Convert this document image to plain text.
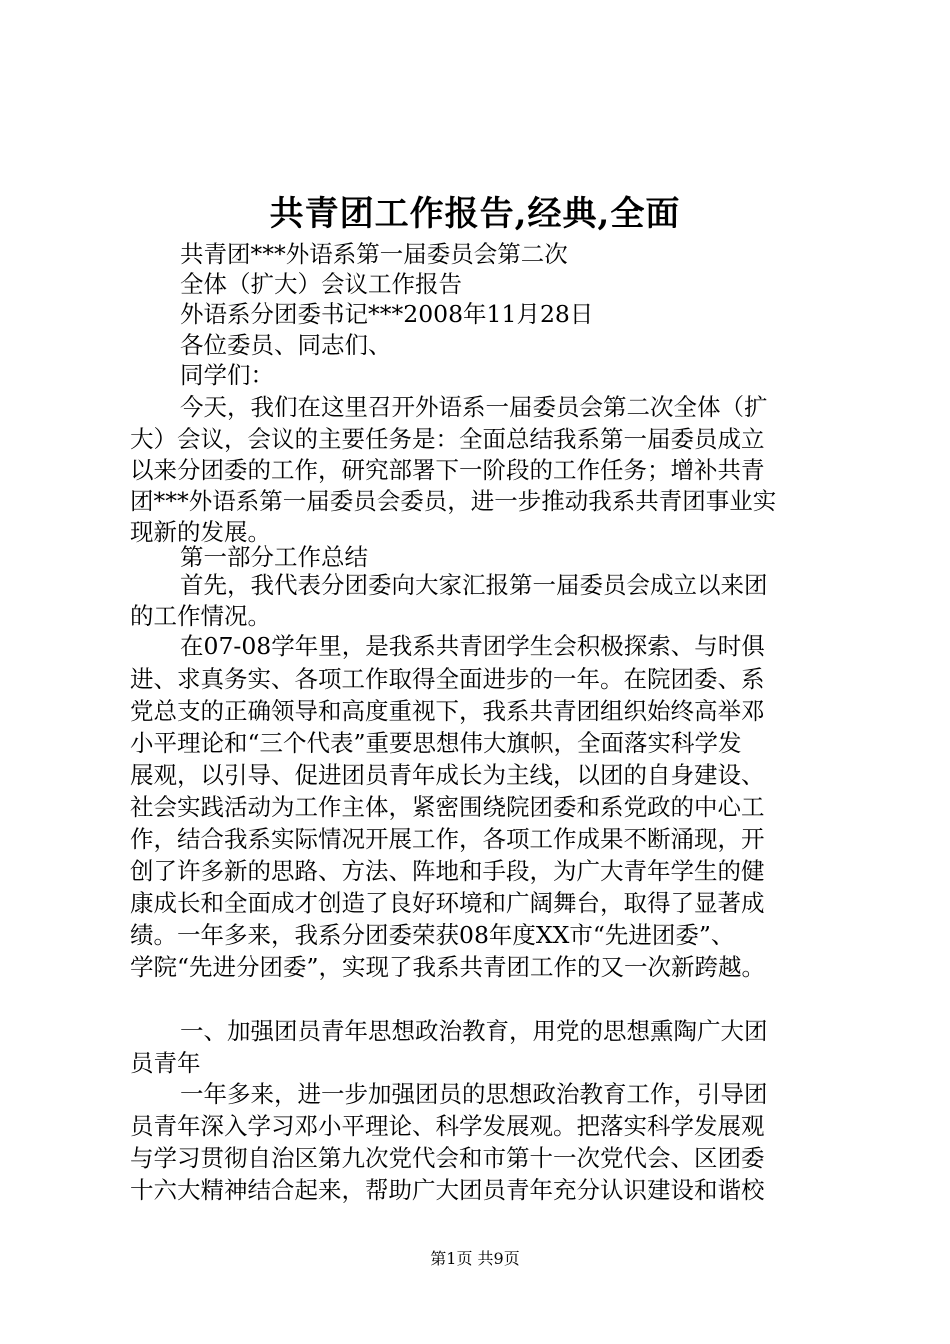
共青团工作报告,经典,全面
共青团***外语系第一届委员会第二次
全体（扩大）会议工作报告
外语系分团委书记***2008年11月28日
各位委员、同志们、
同学们：
今天，我们在这里召开外语系一届委员会第二次全体（扩
大）会议，会议的主要任务是：全面总结我系第一届委员成立
以来分团委的工作，研究部署下一阶段的工作任务；增补共青
团***外语系第一届委员会委员，进一步推动我系共青团事业实
现新的发展。
第一部分工作总结
首先，我代表分团委向大家汇报第一届委员会成立以来团
的工作情况。
在07-08学年里，是我系共青团学生会积极探索、与时俱
进、求真务实、各项工作取得全面进步的一年。在院团委、系
党总支的正确领导和高度重视下，我系共青团组织始终高举邓
小平理论和“三个代表”重要思想伟大旗帜，全面落实科学发
展观，以引导、促进团员青年成长为主线，以团的自身建设、
社会实践活动为工作主体，紧密围绕院团委和系党政的中心工
作，结合我系实际情况开展工作，各项工作成果不断涌现，开
创了许多新的思路、方法、阵地和手段，为广大青年学生的健
康成长和全面成才创造了良好环境和广阔舞台，取得了显著成
绩。一年多来，我系分团委荣获08年度XX市“先进团委”、
学院“先进分团委”，实现了我系共青团工作的又一次新跨越。
一、加强团员青年思想政治教育，用党的思想熏陶广大团
员青年
一年多来，进一步加强团员的思想政治教育工作，引导团
员青年深入学习邓小平理论、科学发展观。把落实科学发展观
与学习贯彻自治区第九次党代会和市第十一次党代会、区团委
十六大精神结合起来，帮助广大团员青年充分认识建设和谐校
第1页 共9页
